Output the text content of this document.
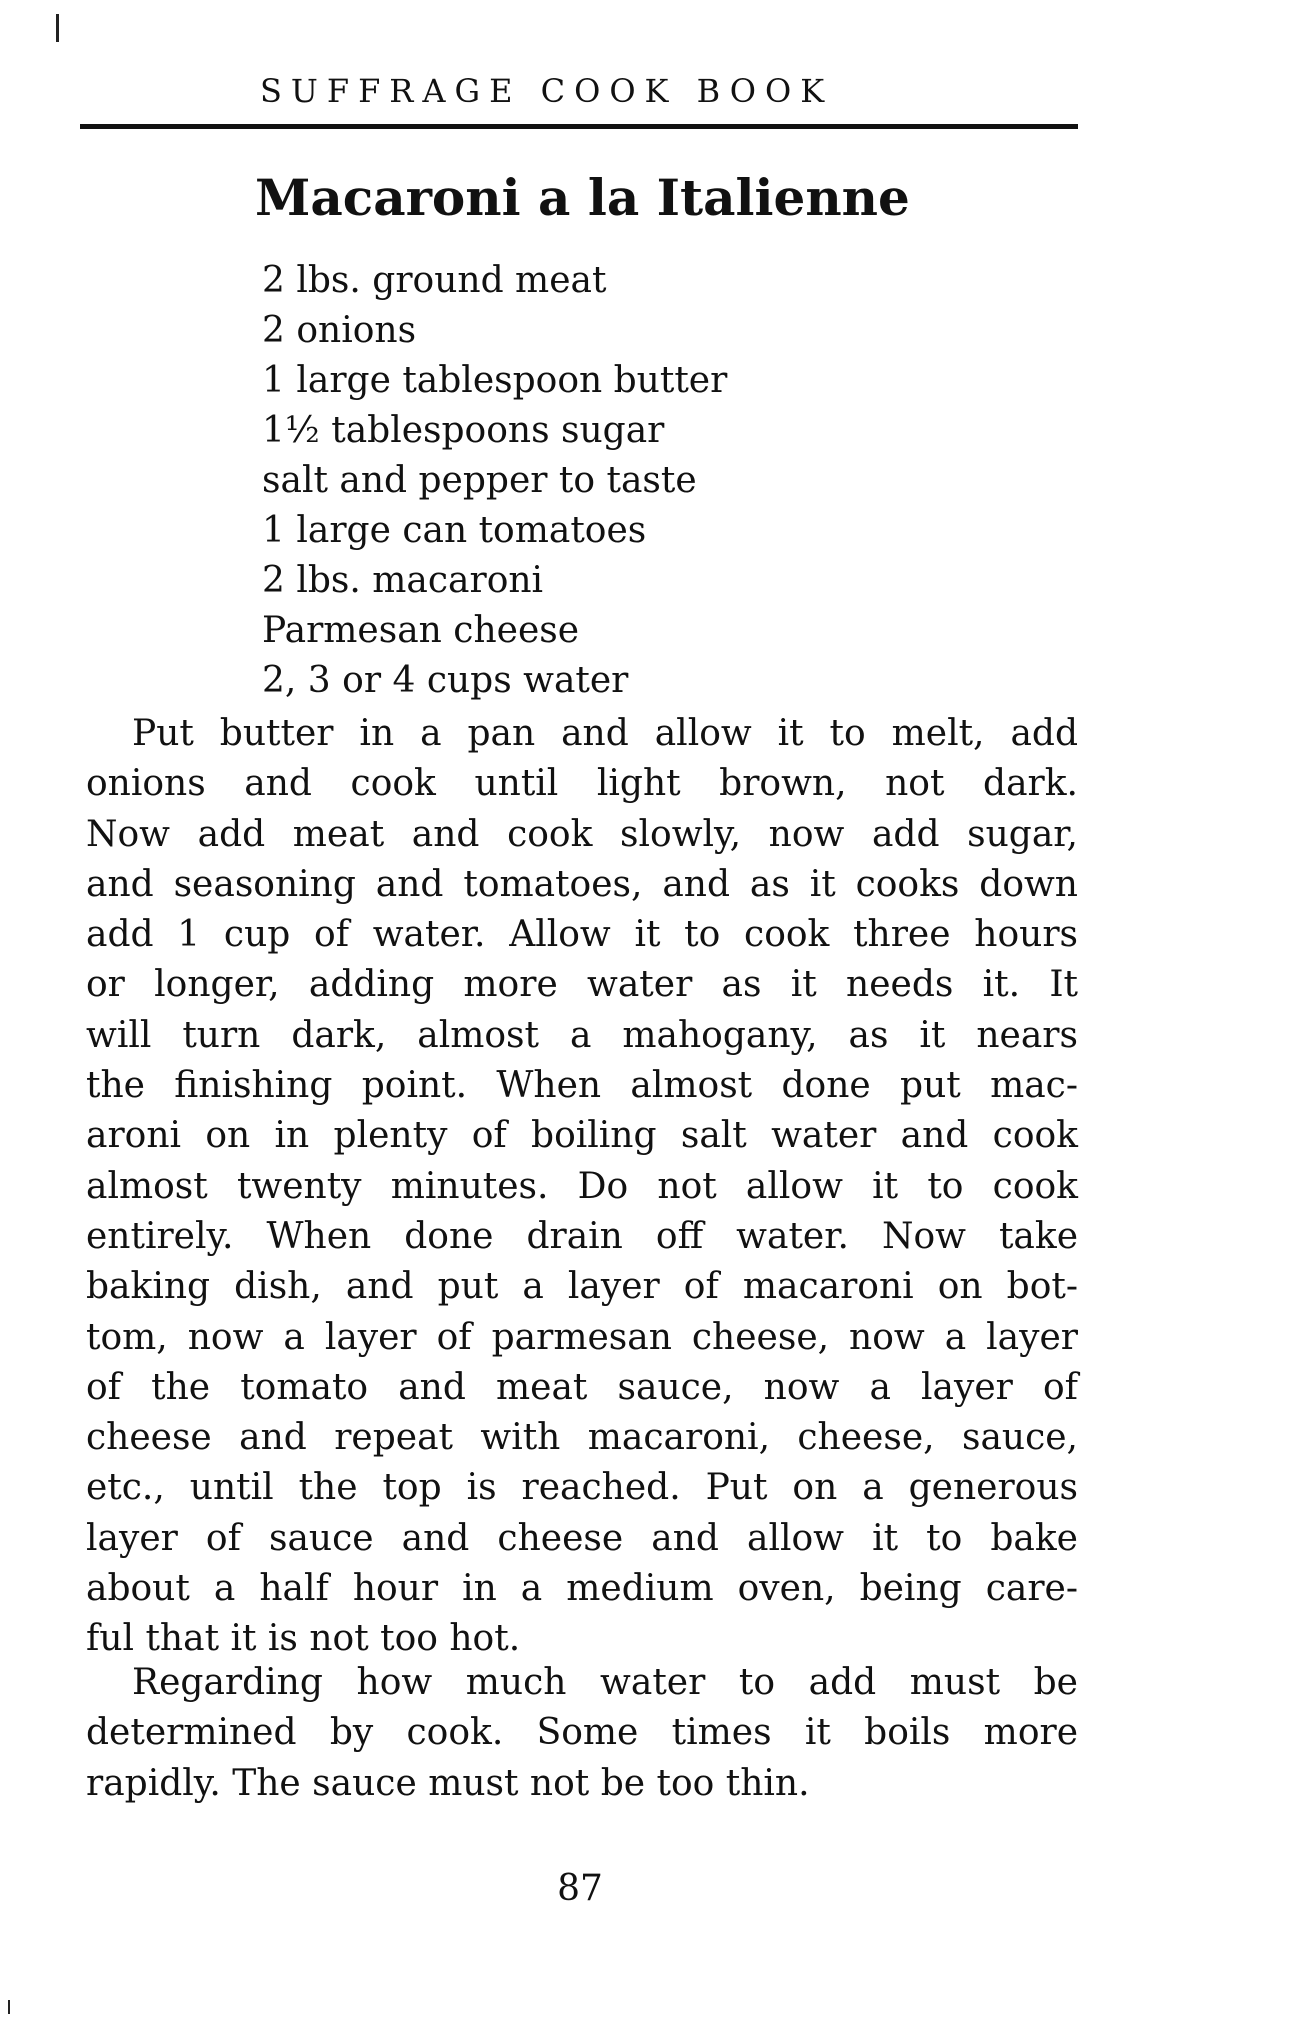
SUFFRAGE COOK BOOK
Macaroni a la Italienne
2 lbs. ground meat
2 onions
1 large tablespoon butter
1½ tablespoons sugar
salt and pepper to taste
1 large can tomatoes
2 lbs. macaroni
Parmesan cheese
2, 3 or 4 cups water
Put butter in a pan and allow it to melt, add
onions and cook until light brown, not dark.
Now add meat and cook slowly, now add sugar,
and seasoning and tomatoes, and as it cooks down
add 1 cup of water. Allow it to cook three hours
or longer, adding more water as it needs it. It
will turn dark, almost a mahogany, as it nears
the finishing point. When almost done put mac-
aroni on in plenty of boiling salt water and cook
almost twenty minutes. Do not allow it to cook
entirely. When done drain off water. Now take
baking dish, and put a layer of macaroni on bot-
tom, now a layer of parmesan cheese, now a layer
of the tomato and meat sauce, now a layer of
cheese and repeat with macaroni, cheese, sauce,
etc., until the top is reached. Put on a generous
layer of sauce and cheese and allow it to bake
about a half hour in a medium oven, being care-
ful that it is not too hot.
Regarding how much water to add must be
determined by cook. Some times it boils more
rapidly. The sauce must not be too thin.
87
